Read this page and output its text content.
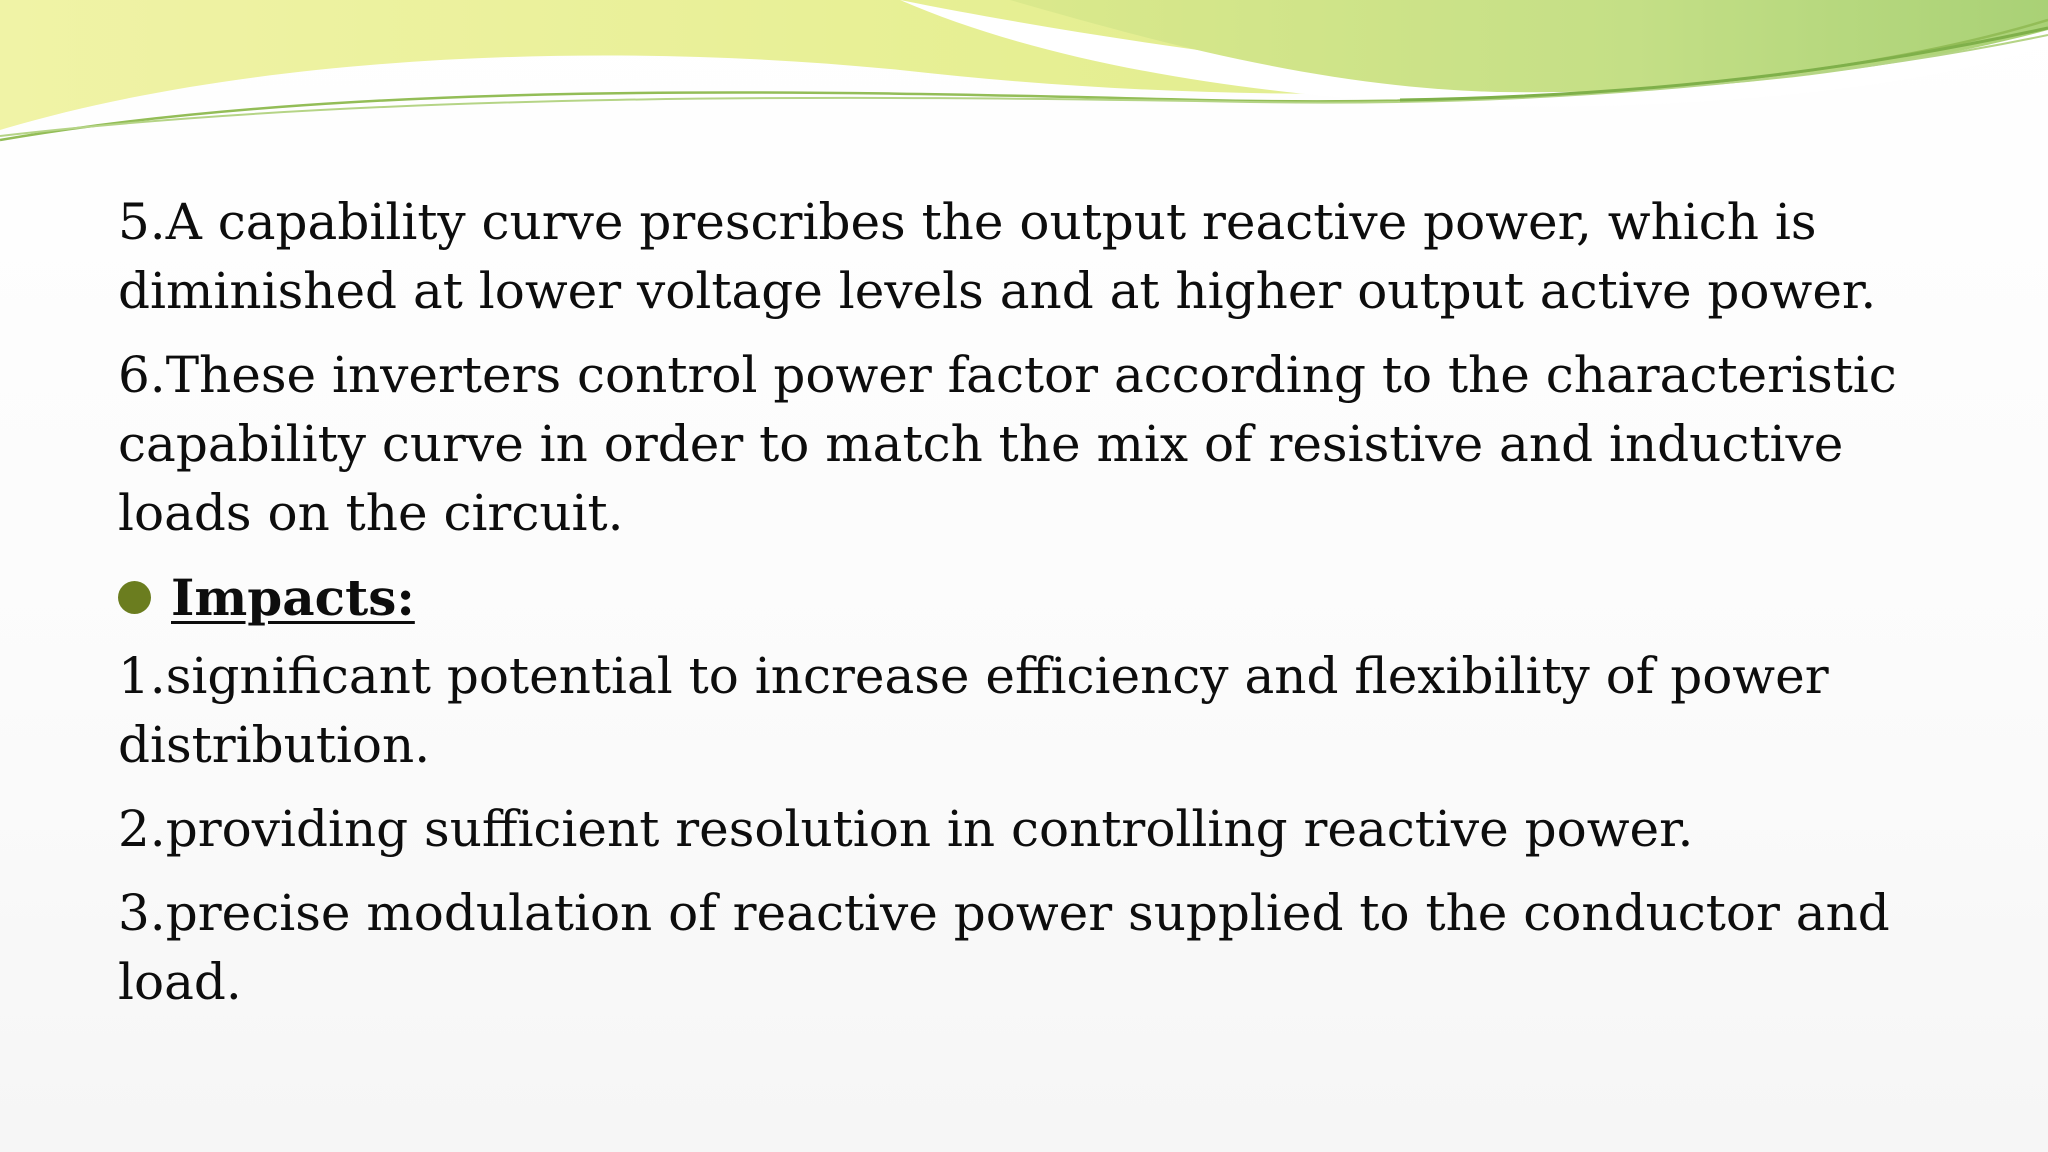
5.A capability curve prescribes the output reactive power, which is diminished at lower voltage levels and at higher output active power.

6.These inverters control power factor according to the characteristic capability curve in order to match the mix of resistive and inductive loads on the circuit.

Impacts:

1.significant potential to increase efficiency and flexibility of power distribution.

2.providing sufficient resolution in controlling reactive power.

3.precise modulation of reactive power supplied to the conductor and load.
